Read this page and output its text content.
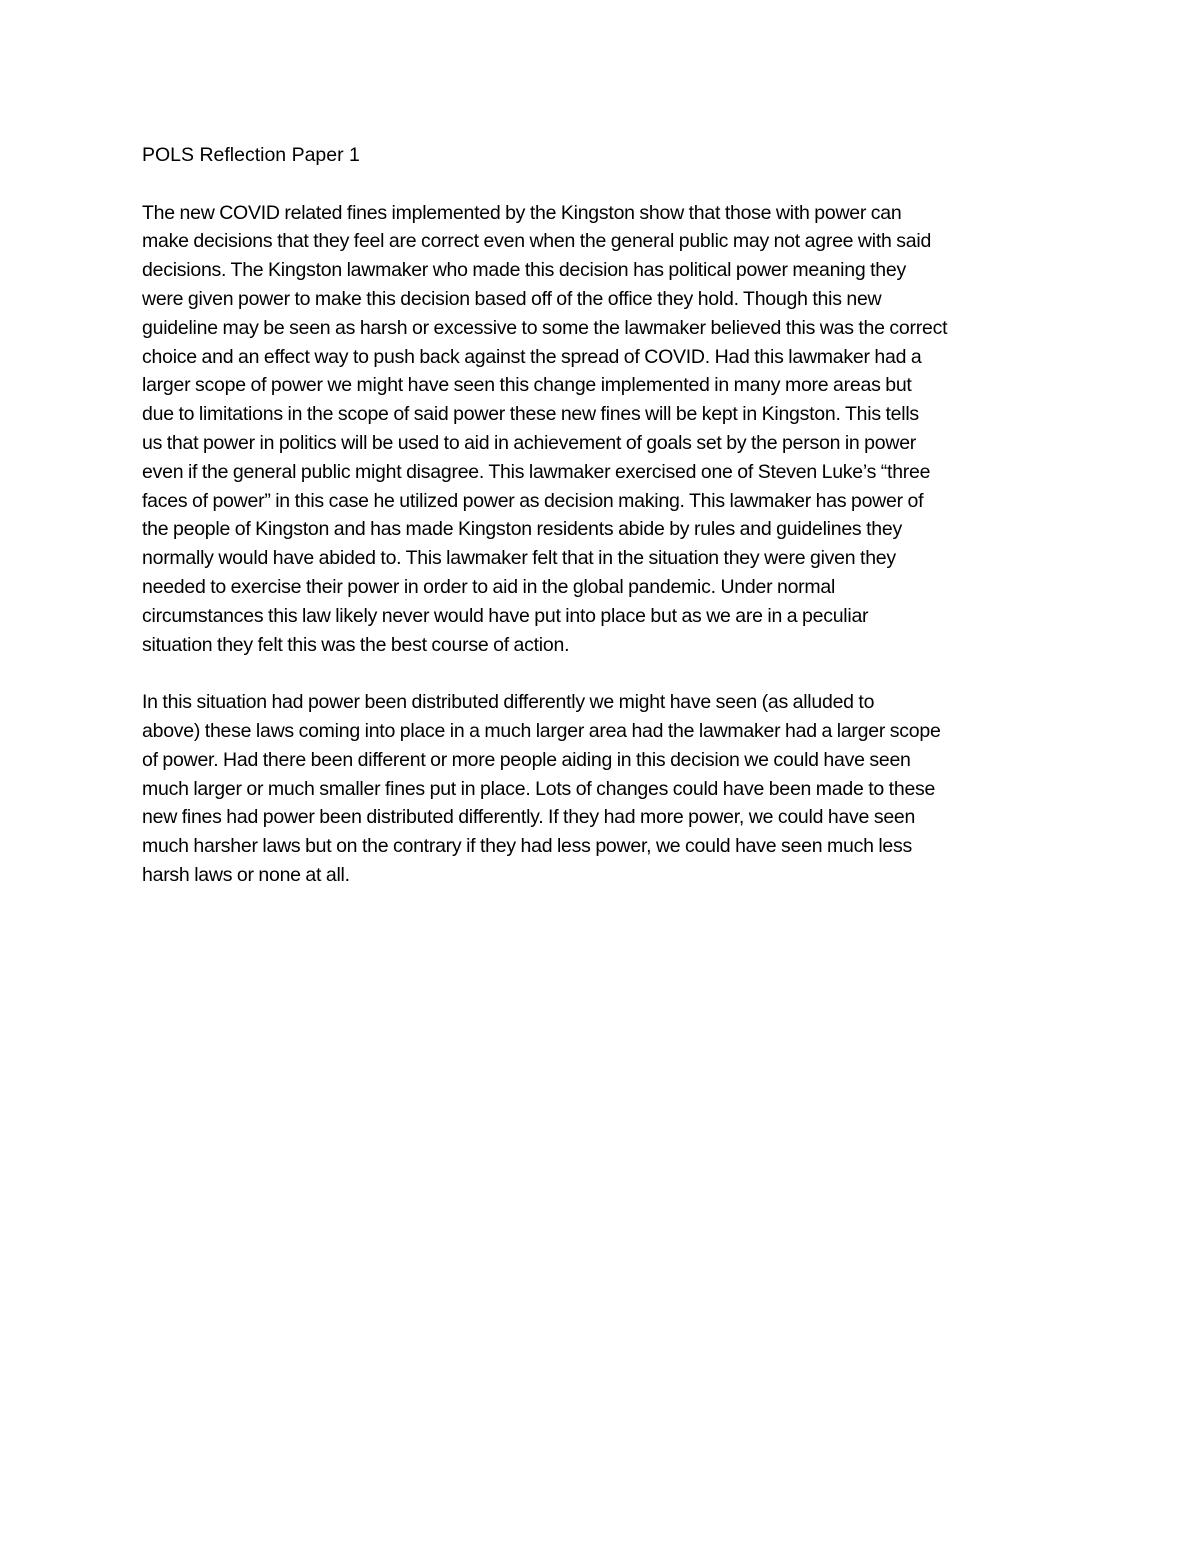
POLS Reflection Paper 1
The new COVID related fines implemented by the Kingston show that those with power can
make decisions that they feel are correct even when the general public may not agree with said
decisions. The Kingston lawmaker who made this decision has political power meaning they
were given power to make this decision based off of the office they hold. Though this new
guideline may be seen as harsh or excessive to some the lawmaker believed this was the correct
choice and an effect way to push back against the spread of COVID. Had this lawmaker had a
larger scope of power we might have seen this change implemented in many more areas but
due to limitations in the scope of said power these new fines will be kept in Kingston. This tells
us that power in politics will be used to aid in achievement of goals set by the person in power
even if the general public might disagree. This lawmaker exercised one of Steven Luke’s “three
faces of power” in this case he utilized power as decision making. This lawmaker has power of
the people of Kingston and has made Kingston residents abide by rules and guidelines they
normally would have abided to. This lawmaker felt that in the situation they were given they
needed to exercise their power in order to aid in the global pandemic. Under normal
circumstances this law likely never would have put into place but as we are in a peculiar
situation they felt this was the best course of action.
In this situation had power been distributed differently we might have seen (as alluded to
above) these laws coming into place in a much larger area had the lawmaker had a larger scope
of power. Had there been different or more people aiding in this decision we could have seen
much larger or much smaller fines put in place. Lots of changes could have been made to these
new fines had power been distributed differently. If they had more power, we could have seen
much harsher laws but on the contrary if they had less power, we could have seen much less
harsh laws or none at all.
